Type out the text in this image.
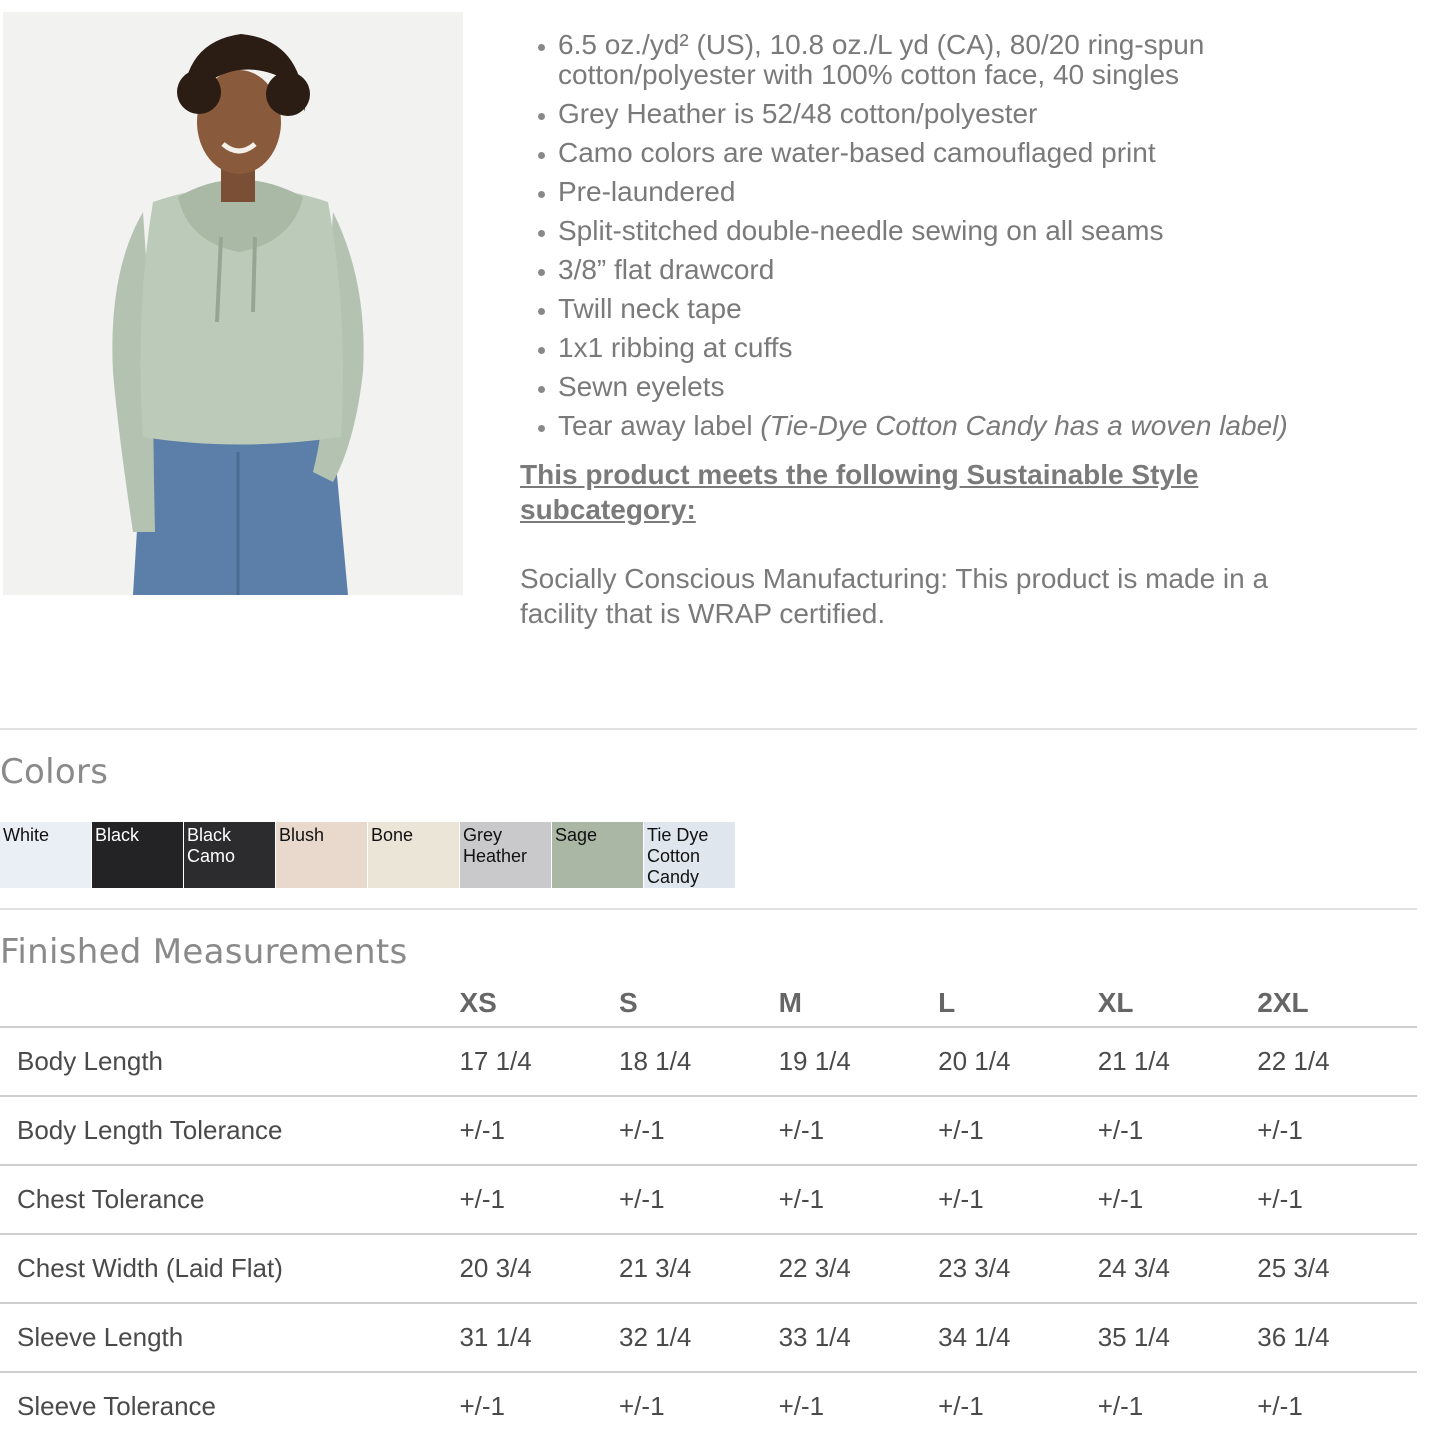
• 6.5 oz./yd² (US), 10.8 oz./L yd (CA), 80/20 ring-spun cotton/polyester with 100% cotton face, 40 singles
• Grey Heather is 52/48 cotton/polyester
• Camo colors are water-based camouflaged print
• Pre-laundered
• Split-stitched double-needle sewing on all seams
• 3/8” flat drawcord
• Twill neck tape
• 1x1 ribbing at cuffs
• Sewn eyelets
• Tear away label (Tie-Dye Cotton Candy has a woven label)
This product meets the following Sustainable Style subcategory:
Socially Conscious Manufacturing: This product is made in a facility that is WRAP certified.
Colors
White	Black	Black Camo
Blush	Bone	Grey Heather
Sage	Tie Dye Cotton Candy
Finished Measurements
	XS	S	M	L	XL	2XL
Body Length	17 1/4	18 1/4	19 1/4	20 1/4	21 1/4	22 1/4
Body Length Tolerance	+/-1	+/-1	+/-1	+/-1	+/-1	+/-1
Chest Tolerance	+/-1	+/-1	+/-1	+/-1	+/-1	+/-1
Chest Width (Laid Flat)	20 3/4	21 3/4	22 3/4	23 3/4	24 3/4	25 3/4
Sleeve Length	31 1/4	32 1/4	33 1/4	34 1/4	35 1/4	36 1/4
Sleeve Tolerance	+/-1	+/-1	+/-1	+/-1	+/-1	+/-1
